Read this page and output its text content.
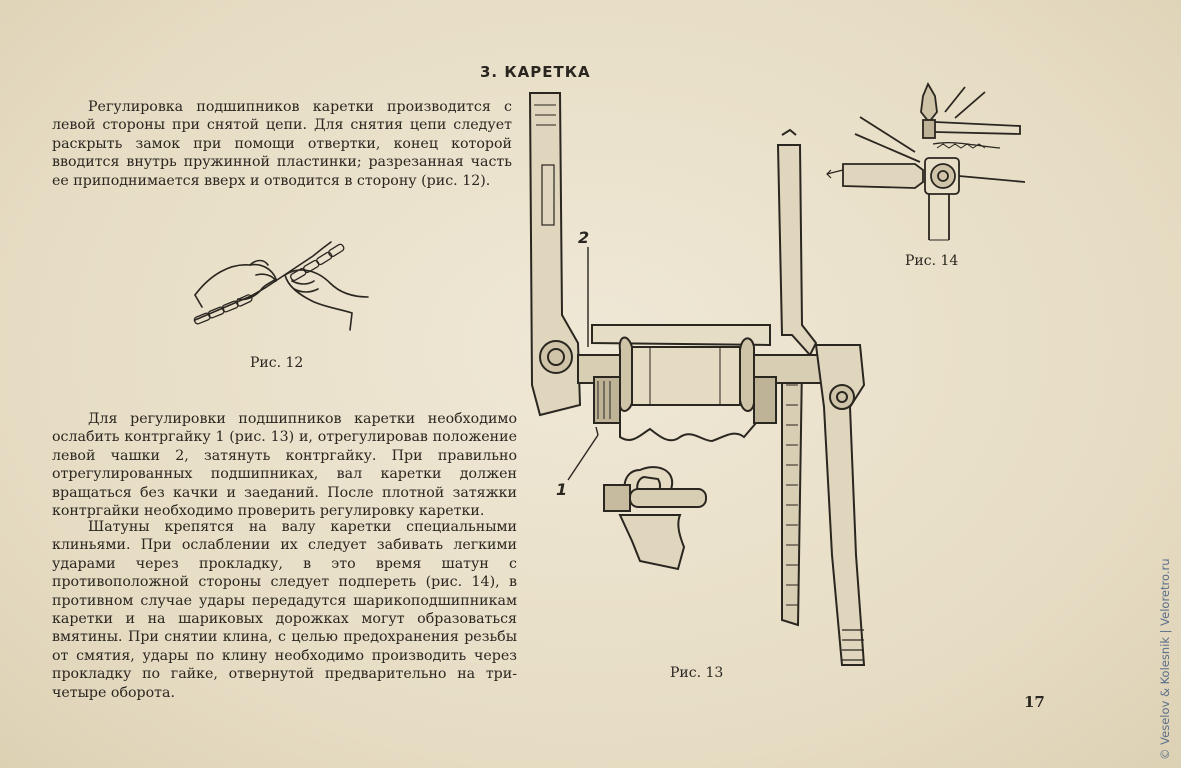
3. КАРЕТКА

Регулировка подшипников каретки производится с левой стороны при снятой цепи. Для снятия цепи следует раскрыть замок при помощи отвертки, конец которой вводится внутрь пружинной пластинки; разрезанная часть ее приподнимается вверх и отводится в сторону (рис. 12).

Для регулировки подшипников каретки необходимо ослабить контргайку 1 (рис. 13) и, отрегулировав положение левой чашки 2, затянуть контргайку. При правильно отрегулированных подшипниках, вал каретки должен вращаться без качки и заеданий. После плотной затяжки контргайки необходимо проверить регулировку каретки.

Шатуны крепятся на валу каретки специальными клиньями. При ослаблении их следует забивать легкими ударами через прокладку, в это время шатун с противоположной стороны следует подпереть (рис. 14), в противном случае удары передадутся шарикоподшипникам каретки и на шариковых дорожках могут образоваться вмятины. При снятии клина, с целью предохранения резьбы от смятия, удары по клину необходимо производить через прокладку по гайке, отвернутой предварительно на три-четыре оборота.

Рис. 12
2
1
Рис. 13
Рис. 14
17	© Veselov & Kolesnik | Veloretro.ru
